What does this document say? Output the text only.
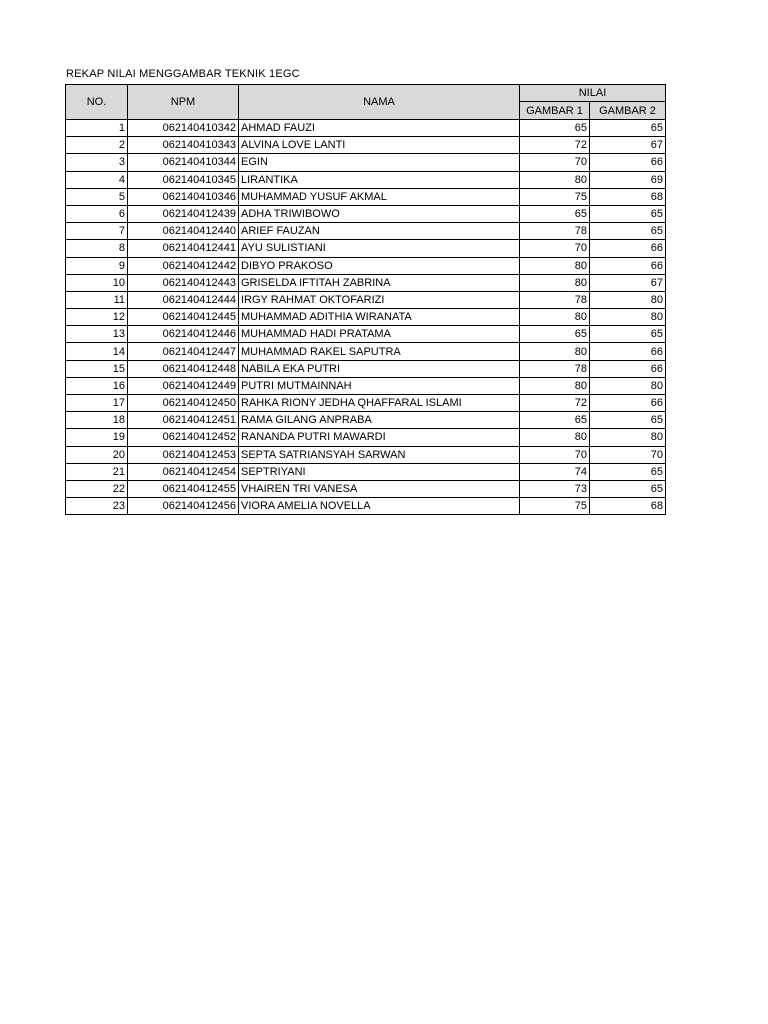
REKAP NILAI MENGGAMBAR TEKNIK 1EGC
NO.	NPM	NAMA	NILAI	
			GAMBAR 1	GAMBAR 2
1	062140410342	AHMAD FAUZI	65	65
2	062140410343	ALVINA LOVE LANTI	72	67
3	062140410344	EGIN	70	66
4	062140410345	LIRANTIKA	80	69
5	062140410346	MUHAMMAD YUSUF AKMAL	75	68
6	062140412439	ADHA TRIWIBOWO	65	65
7	062140412440	ARIEF FAUZAN	78	65
8	062140412441	AYU SULISTIANI	70	66
9	062140412442	DIBYO PRAKOSO	80	66
10	062140412443	GRISELDA IFTITAH ZABRINA	80	67
11	062140412444	IRGY RAHMAT OKTOFARIZI	78	80
12	062140412445	MUHAMMAD ADITHIA WIRANATA	80	80
13	062140412446	MUHAMMAD HADI PRATAMA	65	65
14	062140412447	MUHAMMAD RAKEL SAPUTRA	80	66
15	062140412448	NABILA EKA PUTRI	78	66
16	062140412449	PUTRI MUTMAINNAH	80	80
17	062140412450	RAHKA RIONY JEDHA QHAFFARAL ISLAMI	72	66
18	062140412451	RAMA GILANG ANPRABA	65	65
19	062140412452	RANANDA PUTRI MAWARDI	80	80
20	062140412453	SEPTA SATRIANSYAH SARWAN	70	70
21	062140412454	SEPTRIYANI	74	65
22	062140412455	VHAIREN TRI VANESA	73	65
23	062140412456	VIORA AMELIA NOVELLA	75	68
